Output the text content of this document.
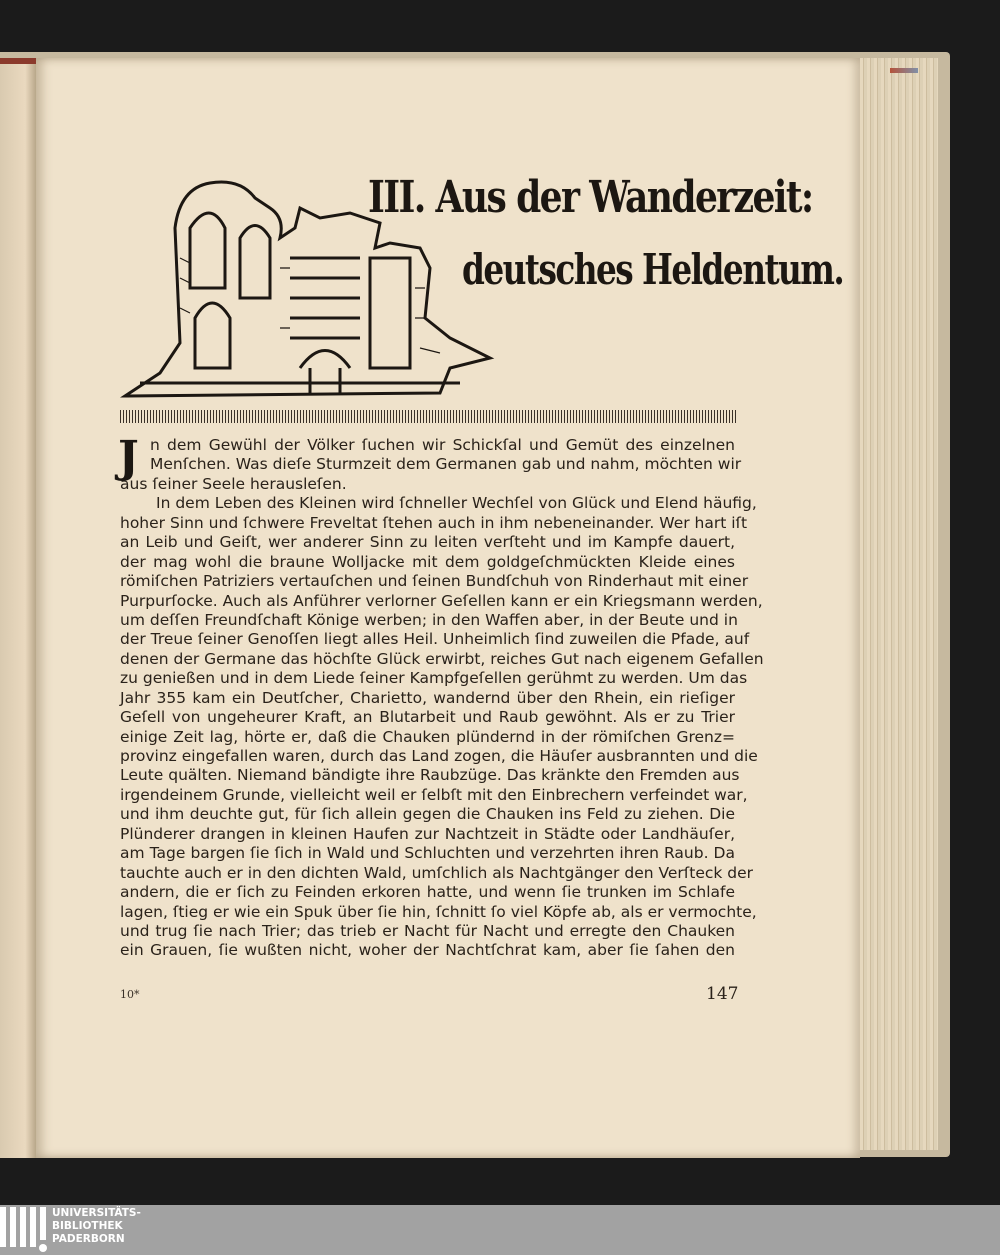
III. Aus der Wanderzeit:
deutsches Heldentum.
J n dem Gewühl der Völker ſuchen wir Schickſal und Gemüt des einzelnen
Menſchen. Was dieſe Sturmzeit dem Germanen gab und nahm, möchten wir
aus ſeiner Seele herausleſen.
In dem Leben des Kleinen wird ſchneller Wechſel von Glück und Elend häufig,
hoher Sinn und ſchwere Freveltat ſtehen auch in ihm nebeneinander. Wer hart iſt
an Leib und Geiſt, wer anderer Sinn zu leiten verſteht und im Kampfe dauert,
der mag wohl die braune Wolljacke mit dem goldgeſchmückten Kleide eines
römiſchen Patriziers vertauſchen und ſeinen Bundſchuh von Rinderhaut mit einer
Purpurſocke. Auch als Anführer verlorner Geſellen kann er ein Kriegsmann werden,
um deſſen Freundſchaft Könige werben; in den Waffen aber, in der Beute und in
der Treue ſeiner Genoſſen liegt alles Heil. Unheimlich ſind zuweilen die Pfade, auf
denen der Germane das höchſte Glück erwirbt, reiches Gut nach eigenem Gefallen
zu genießen und in dem Liede ſeiner Kampfgeſellen gerühmt zu werden. Um das
Jahr 355 kam ein Deutſcher, Charietto, wandernd über den Rhein, ein rieſiger
Geſell von ungeheurer Kraft, an Blutarbeit und Raub gewöhnt. Als er zu Trier
einige Zeit lag, hörte er, daß die Chauken plündernd in der römiſchen Grenz=
provinz eingefallen waren, durch das Land zogen, die Häuſer ausbrannten und die
Leute quälten. Niemand bändigte ihre Raubzüge. Das kränkte den Fremden aus
irgendeinem Grunde, vielleicht weil er ſelbſt mit den Einbrechern verfeindet war,
und ihm deuchte gut, für ſich allein gegen die Chauken ins Feld zu ziehen. Die
Plünderer drangen in kleinen Haufen zur Nachtzeit in Städte oder Landhäuſer,
am Tage bargen ſie ſich in Wald und Schluchten und verzehrten ihren Raub. Da
tauchte auch er in den dichten Wald, umſchlich als Nachtgänger den Verſteck der
andern, die er ſich zu Feinden erkoren hatte, und wenn ſie trunken im Schlafe
lagen, ſtieg er wie ein Spuk über ſie hin, ſchnitt ſo viel Köpfe ab, als er vermochte,
und trug ſie nach Trier; das trieb er Nacht für Nacht und erregte den Chauken
ein Grauen, ſie wußten nicht, woher der Nachtſchrat kam, aber ſie ſahen den
10*	147
UNIVERSITÄTS-
BIBLIOTHEK
PADERBORN
